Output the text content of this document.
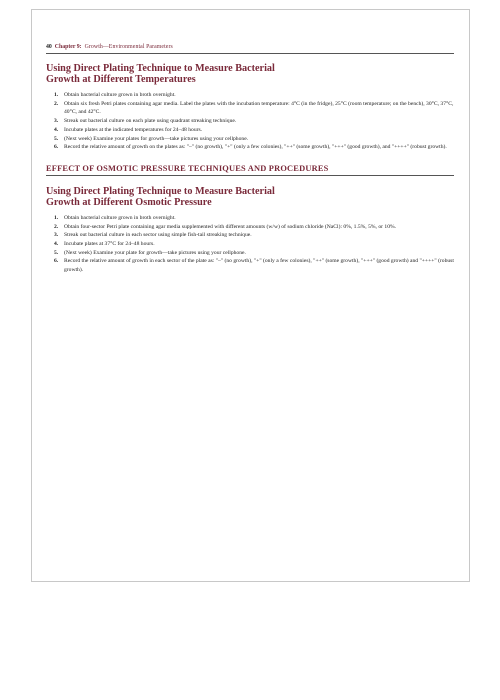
40 Chapter 9: Growth—Environmental Parameters
Using Direct Plating Technique to Measure Bacterial
Growth at Different Temperatures
1.	Obtain bacterial culture grown in broth overnight.
2.	Obtain six fresh Petri plates containing agar media. Label the plates with the incubation temperature: 4°C (in the fridge), 25°C (room temperature; on the bench), 30°C, 37°C, 40°C, and 42°C.
3.	Streak out bacterial culture on each plate using quadrant streaking technique.
4.	Incubate plates at the indicated temperatures for 24–48 hours.
5.	(Next week) Examine your plates for growth—take pictures using your cellphone.
6.	Record the relative amount of growth on the plates as: "–" (no growth), "+" (only a few colonies), "++" (some growth), "+++" (good growth), and "++++" (robust growth).
EFFECT OF OSMOTIC PRESSURE TECHNIQUES AND PROCEDURES
Using Direct Plating Technique to Measure Bacterial
Growth at Different Osmotic Pressure
1.	Obtain bacterial culture grown in broth overnight.
2.	Obtain four-sector Petri plate containing agar media supplemented with different amounts (w/w) of sodium chloride (NaCl): 0%, 1.5%, 5%, or 10%.
3.	Streak out bacterial culture in each sector using simple fish-tail streaking technique.
4.	Incubate plates at 37°C for 24–48 hours.
5.	(Next week) Examine your plate for growth—take pictures using your cellphone.
6.	Record the relative amount of growth in each sector of the plate as: "–" (no growth), "+" (only a few colonies), "++" (some growth), "+++" (good growth) and "++++" (robust growth).
